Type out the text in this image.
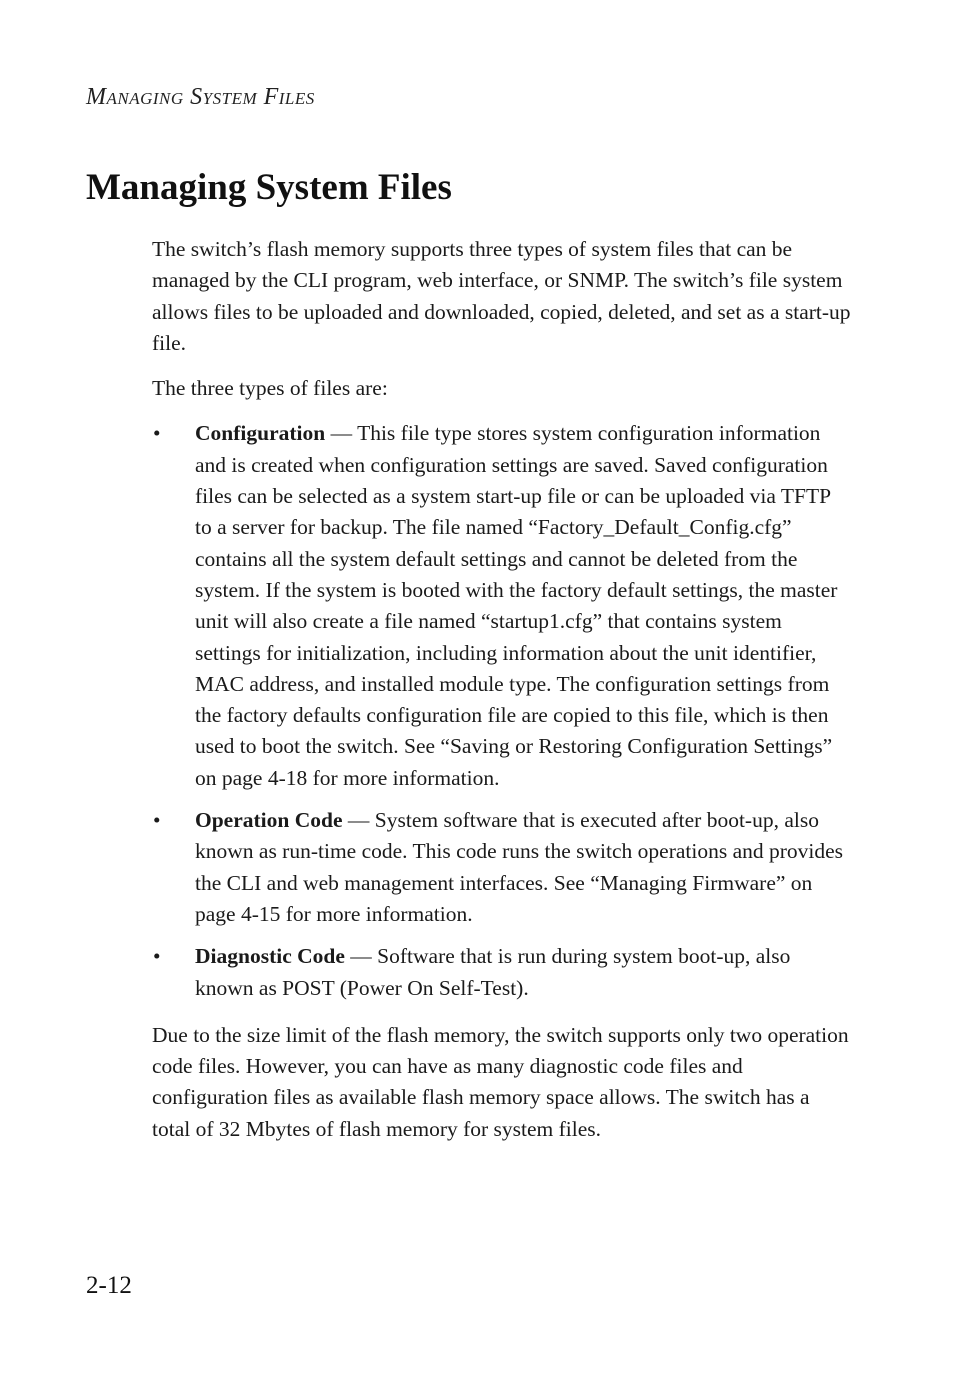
Managing System Files
Managing System Files

The switch’s flash memory supports three types of system files that can be managed by the CLI program, web interface, or SNMP. The switch’s file system allows files to be uploaded and downloaded, copied, deleted, and set as a start-up file.

The three types of files are:

• Configuration — This file type stores system configuration information and is created when configuration settings are saved. Saved configuration files can be selected as a system start-up file or can be uploaded via TFTP to a server for backup. The file named “Factory_Default_Config.cfg” contains all the system default settings and cannot be deleted from the system. If the system is booted with the factory default settings, the master unit will also create a file named “startup1.cfg” that contains system settings for initialization, including information about the unit identifier, MAC address, and installed module type. The configuration settings from the factory defaults configuration file are copied to this file, which is then used to boot the switch. See “Saving or Restoring Configuration Settings” on page 4-18 for more information.
• Operation Code — System software that is executed after boot-up, also known as run-time code. This code runs the switch operations and provides the CLI and web management interfaces. See “Managing Firmware” on page 4-15 for more information.
• Diagnostic Code — Software that is run during system boot-up, also known as POST (Power On Self-Test).

Due to the size limit of the flash memory, the switch supports only two operation code files. However, you can have as many diagnostic code files and configuration files as available flash memory space allows. The switch has a total of 32 Mbytes of flash memory for system files.

2-12
